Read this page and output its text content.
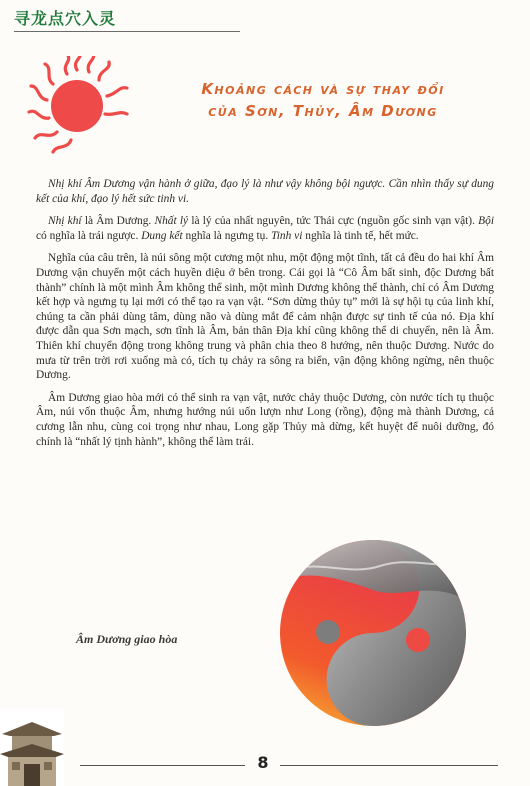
寻龙点穴入灵
Khoảng cách và sự thay đổi
của Sơn, Thủy, Âm Dương

Nhị khí Âm Dương vận hành ở giữa, đạo lý là như vậy không bội ngược. Cần nhìn thấy sự dung kết của khí, đạo lý hết sức tinh vi.

Nhị khí là Âm Dương. Nhất lý là lý của nhất nguyên, tức Thái cực (nguồn gốc sinh vạn vật). Bội có nghĩa là trái ngược. Dung kết nghĩa là ngưng tụ. Tinh vi nghĩa là tinh tế, hết mức.

Nghĩa của câu trên, là núi sông một cương một nhu, một động một tĩnh, tất cả đều do hai khí Âm Dương vận chuyển một cách huyền diệu ở bên trong. Cái gọi là “Cô Âm bất sinh, độc Dương bất thành” chính là một mình Âm không thể sinh, một mình Dương không thể thành, chỉ có Âm Dương kết hợp và ngưng tụ lại mới có thể tạo ra vạn vật. “Sơn dừng thủy tụ” mới là sự hội tụ của linh khí, chúng ta cần phải dùng tâm, dùng não và dùng mắt để cảm nhận được sự tinh tế của nó. Địa khí được dẫn qua Sơn mạch, sơn tĩnh là Âm, bản thân Địa khí cũng không thể di chuyển, nên là Âm. Thiên khí chuyển động trong không trung và phân chia theo 8 hướng, nên thuộc Dương. Nước do mưa từ trên trời rơi xuống mà có, tích tụ chảy ra sông ra biển, vận động không ngừng, nên thuộc Dương.

Âm Dương giao hòa mới có thể sinh ra vạn vật, nước chảy thuộc Dương, còn nước tích tụ thuộc Âm, núi vốn thuộc Âm, nhưng hướng núi uốn lượn như Long (rồng), động mà thành Dương, cả cương lẫn nhu, cùng coi trọng như nhau, Long gặp Thủy mà dừng, kết huyệt để nuôi dưỡng, đó chính là “nhất lý tịnh hành”, không thể làm trái.

Âm Dương giao hòa

8
